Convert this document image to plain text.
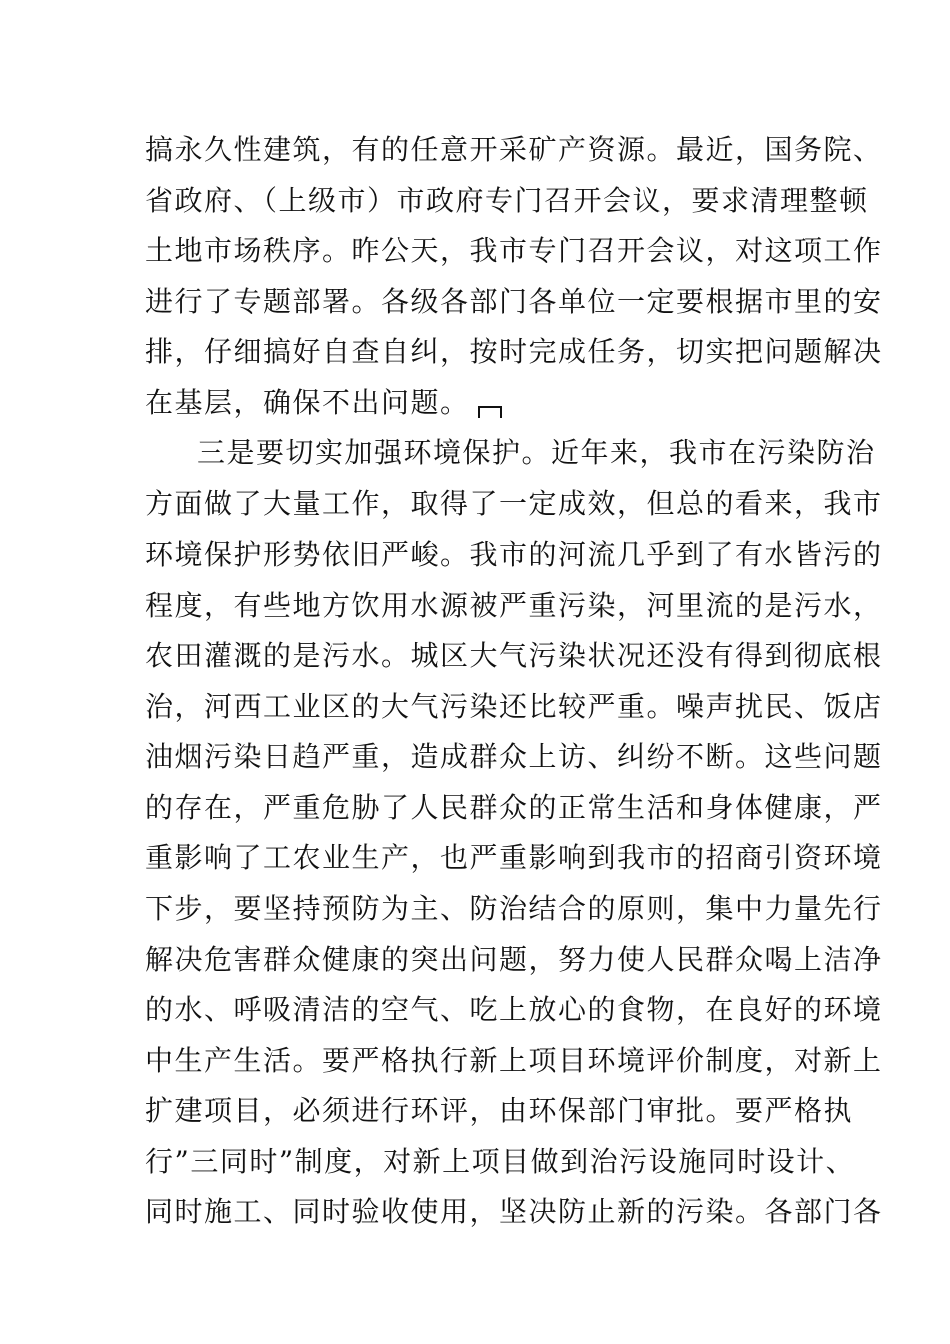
搞永久性建筑，有的任意开采矿产资源。最近，国务院、
省政府、（上级市）市政府专门召开会议，要求清理整顿
土地市场秩序。昨公天，我市专门召开会议，对这项工作
进行了专题部署。各级各部门各单位一定要根据市里的安
排，仔细搞好自查自纠，按时完成任务，切实把问题解决
在基层，确保不出问题。
三是要切实加强环境保护。近年来，我市在污染防治
方面做了大量工作，取得了一定成效，但总的看来，我市
环境保护形势依旧严峻。我市的河流几乎到了有水皆污的
程度，有些地方饮用水源被严重污染，河里流的是污水，
农田灌溉的是污水。城区大气污染状况还没有得到彻底根
治，河西工业区的大气污染还比较严重。噪声扰民、饭店
油烟污染日趋严重，造成群众上访、纠纷不断。这些问题
的存在，严重危胁了人民群众的正常生活和身体健康，严
重影响了工农业生产，也严重影响到我市的招商引资环境
下步，要坚持预防为主、防治结合的原则，集中力量先行
解决危害群众健康的突出问题，努力使人民群众喝上洁净
的水、呼吸清洁的空气、吃上放心的食物，在良好的环境
中生产生活。要严格执行新上项目环境评价制度，对新上
扩建项目，必须进行环评，由环保部门审批。要严格执
行”三同时”制度，对新上项目做到治污设施同时设计、
同时施工、同时验收使用，坚决防止新的污染。各部门各
